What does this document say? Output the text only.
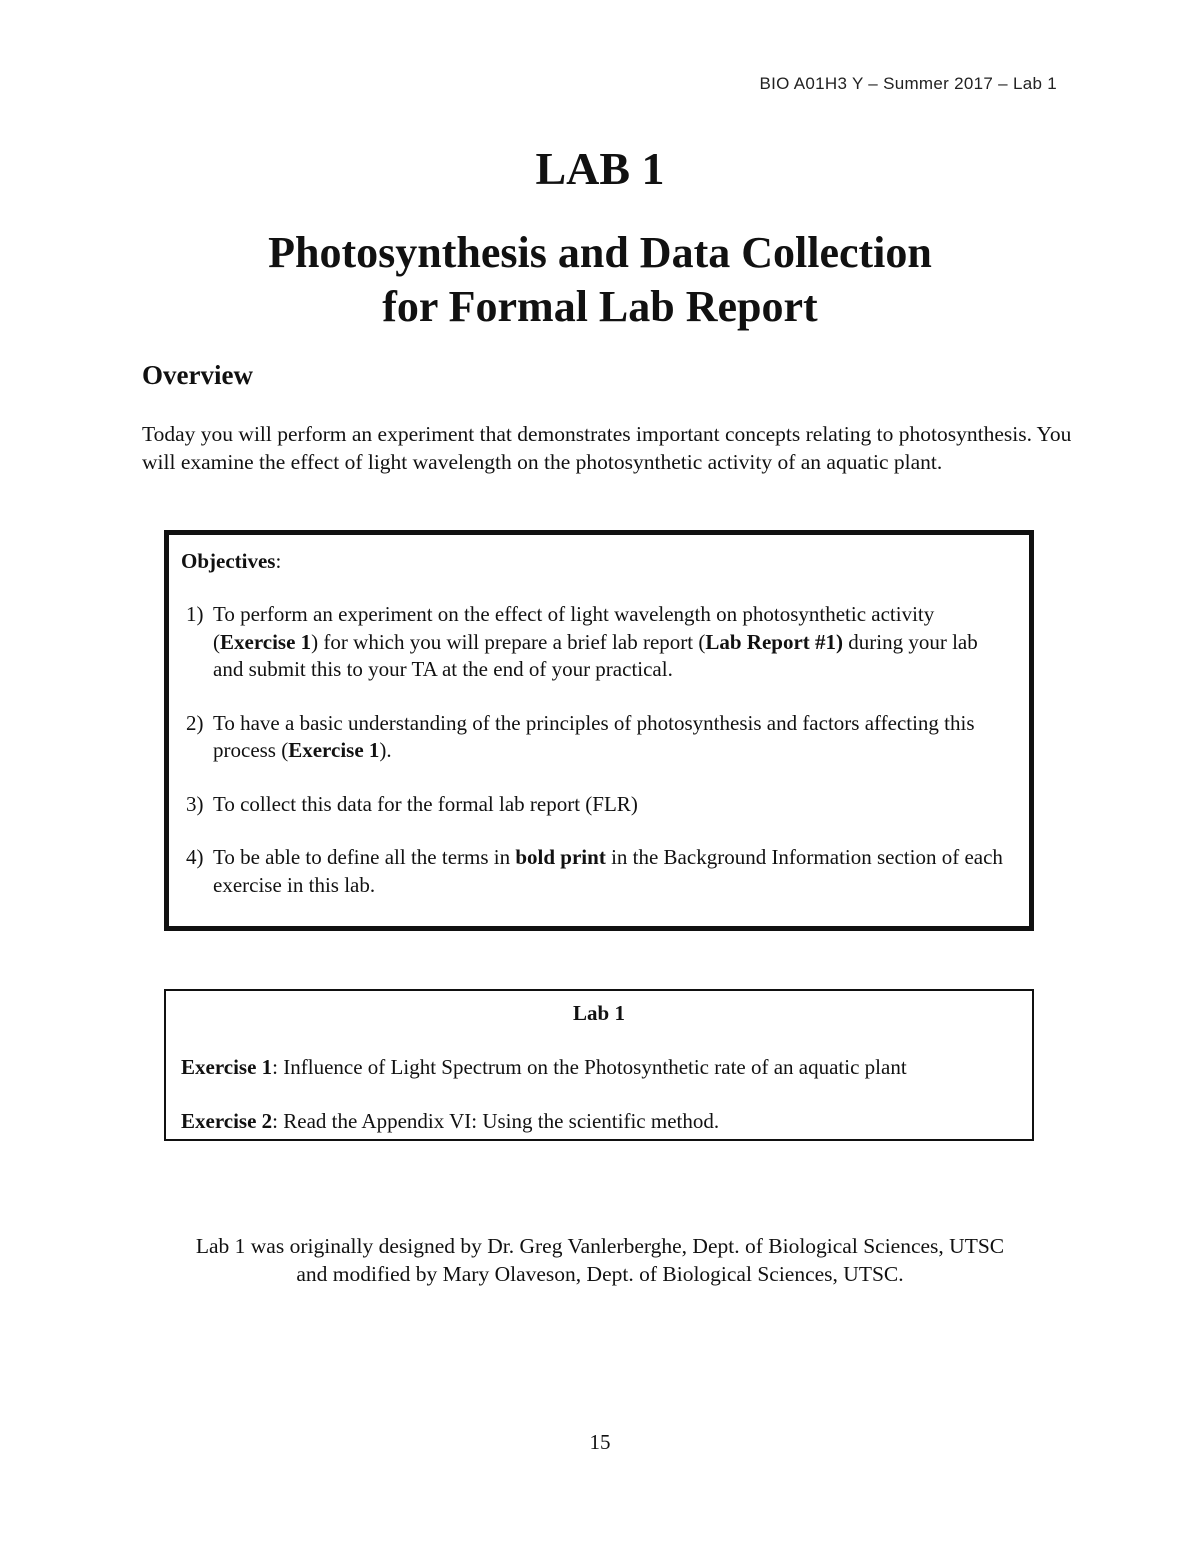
BIO A01H3 Y – Summer 2017 – Lab 1
LAB 1
Photosynthesis and Data Collection
for Formal Lab Report
Overview

Today you will perform an experiment that demonstrates important concepts relating to photosynthesis. You will examine the effect of light wavelength on the photosynthetic activity of an aquatic plant.

Objectives:

1) To perform an experiment on the effect of light wavelength on photosynthetic activity (Exercise 1) for which you will prepare a brief lab report (Lab Report #1) during your lab and submit this to your TA at the end of your practical.
2) To have a basic understanding of the principles of photosynthesis and factors affecting this process (Exercise 1).
3) To collect this data for the formal lab report (FLR)
4) To be able to define all the terms in bold print in the Background Information section of each exercise in this lab.

Lab 1

Exercise 1: Influence of Light Spectrum on the Photosynthetic rate of an aquatic plant

Exercise 2: Read the Appendix VI: Using the scientific method.

Lab 1 was originally designed by Dr. Greg Vanlerberghe, Dept. of Biological Sciences, UTSC
and modified by Mary Olaveson, Dept. of Biological Sciences, UTSC.

15
